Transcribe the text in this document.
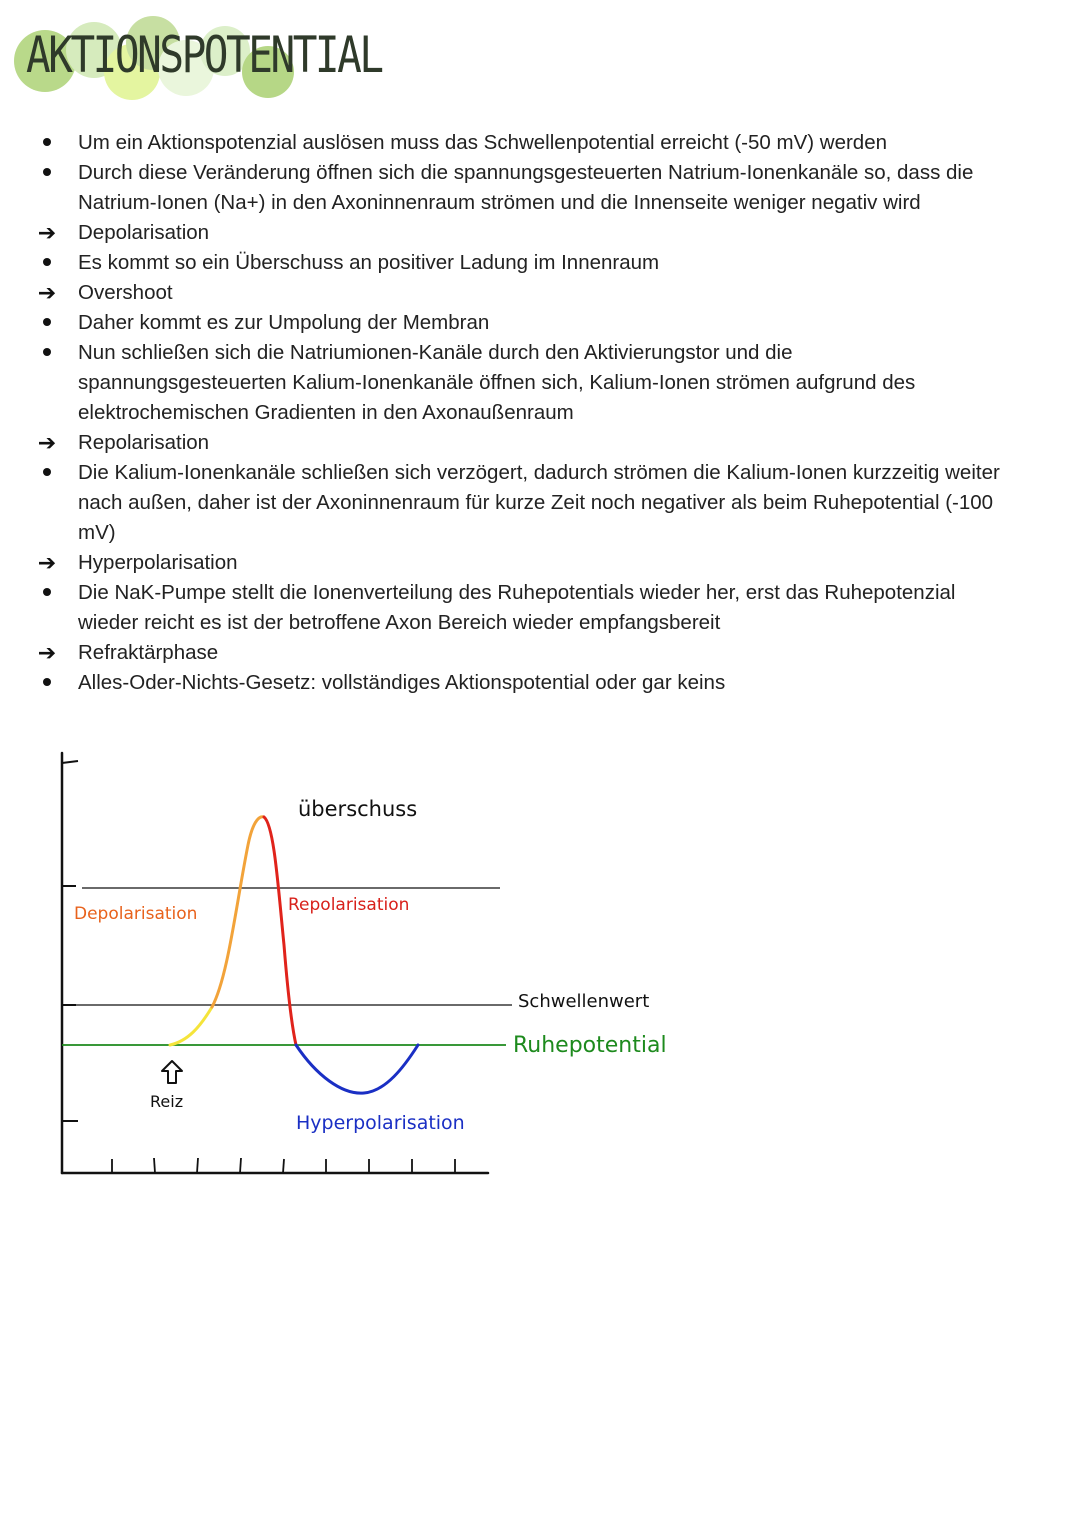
AKTIONSPOTENTIAL
Um ein Aktionspotenzial auslösen muss das Schwellenpotential erreicht (-50 mV) werden
Durch diese Veränderung öffnen sich die spannungsgesteuerten Natrium-Ionenkanäle so, dass die Natrium-Ionen (Na+) in den Axoninnenraum strömen und die Innenseite weniger negativ wird
➔ Depolarisation
Es kommt so ein Überschuss an positiver Ladung im Innenraum
➔ Overshoot
Daher kommt es zur Umpolung der Membran
Nun schließen sich die Natriumionen-Kanäle durch den Aktivierungstor und die spannungsgesteuerten Kalium-Ionenkanäle öffnen sich, Kalium-Ionen strömen aufgrund des elektrochemischen Gradienten in den Axonaußenraum
➔ Repolarisation
Die Kalium-Ionenkanäle schließen sich verzögert, dadurch strömen die Kalium-Ionen kurzzeitig weiter nach außen, daher ist der Axoninnenraum für kurze Zeit noch negativer als beim Ruhepotential (-100 mV)
➔ Hyperpolarisation
Die NaK-Pumpe stellt die Ionenverteilung des Ruhepotentials wieder her, erst das Ruhepotenzial wieder reicht es ist der betroffene Axon Bereich wieder empfangsbereit
➔ Refraktärphase
Alles-Oder-Nichts-Gesetz: vollständiges Aktionspotential oder gar keins
überschuss
Depolarisation	Repolarisation
Schwellenwert
Ruhepotential
Reiz
Hyperpolarisation
